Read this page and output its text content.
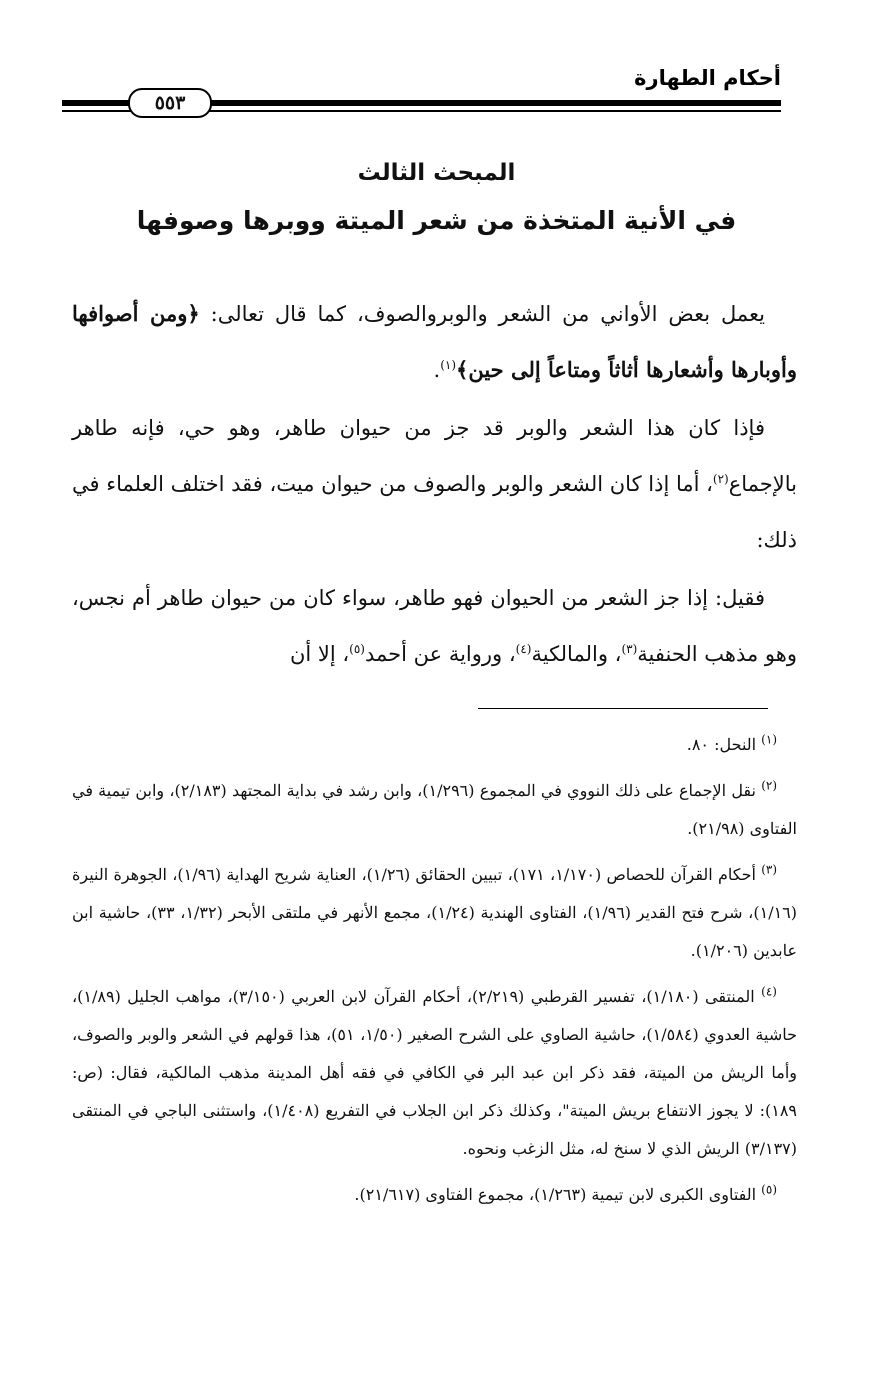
أحكام الطهارة
٥٥٣
المبحث الثالث
في الأنية المتخذة من شعر الميتة ووبرها وصوفها

يعمل بعض الأواني من الشعر والوبروالصوف، كما قال تعالى: ﴿ومن أصوافها وأوبارها وأشعارها أثاثاً ومتاعاً إلى حين﴾$^{(١)}$.

فإذا كان هذا الشعر والوبر قد جز من حيوان طاهر، وهو حي، فإنه طاهر بالإجماع$^{(٢)}$، أما إذا كان الشعر والوبر والصوف من حيوان ميت، فقد اختلف العلماء في ذلك:

فقيل: إذا جز الشعر من الحيوان فهو طاهر، سواء كان من حيوان طاهر أم نجس، وهو مذهب الحنفية$^{(٣)}$، والمالكية$^{(٤)}$، ورواية عن أحمد$^{(٥)}$، إلا أن

$^{(١)}$ النحل: ٨٠.

$^{(٢)}$ نقل الإجماع على ذلك النووي في المجموع (١/٢٩٦)، وابن رشد في بداية المجتهد (٢/١٨٣)، وابن تيمية في الفتاوى (٢١/٩٨).

$^{(٣)}$ أحكام القرآن للحصاص (١/١٧٠، ١٧١)، تبيين الحقائق (١/٢٦)، العناية شريح الهداية (١/٩٦)، الجوهرة النيرة (١/١٦)، شرح فتح القدير (١/٩٦)، الفتاوى الهندية (١/٢٤)، مجمع الأنهر في ملتقى الأبحر (١/٣٢، ٣٣)، حاشية ابن عابدين (١/٢٠٦).

$^{(٤)}$ المنتقى (١/١٨٠)، تفسير القرطبي (٢/٢١٩)، أحكام القرآن لابن العربي (٣/١٥٠)، مواهب الجليل (١/٨٩)، حاشية العدوي (١/٥٨٤)، حاشية الصاوي على الشرح الصغير (١/٥٠، ٥١)، هذا قولهم في الشعر والوبر والصوف، وأما الريش من الميتة، فقد ذكر ابن عبد البر في الكافي في فقه أهل المدينة مذهب المالكية، فقال: (ص: ١٨٩): لا يجوز الانتفاع بريش الميتة"، وكذلك ذكر ابن الجلاب في التفريع (١/٤٠٨)، واستثنى الباجي في المنتقى (٣/١٣٧) الريش الذي لا سنخ له، مثل الزغب ونحوه.

$^{(٥)}$ الفتاوى الكبرى لابن تيمية (١/٢٦٣)، مجموع الفتاوى (٢١/٦١٧).
